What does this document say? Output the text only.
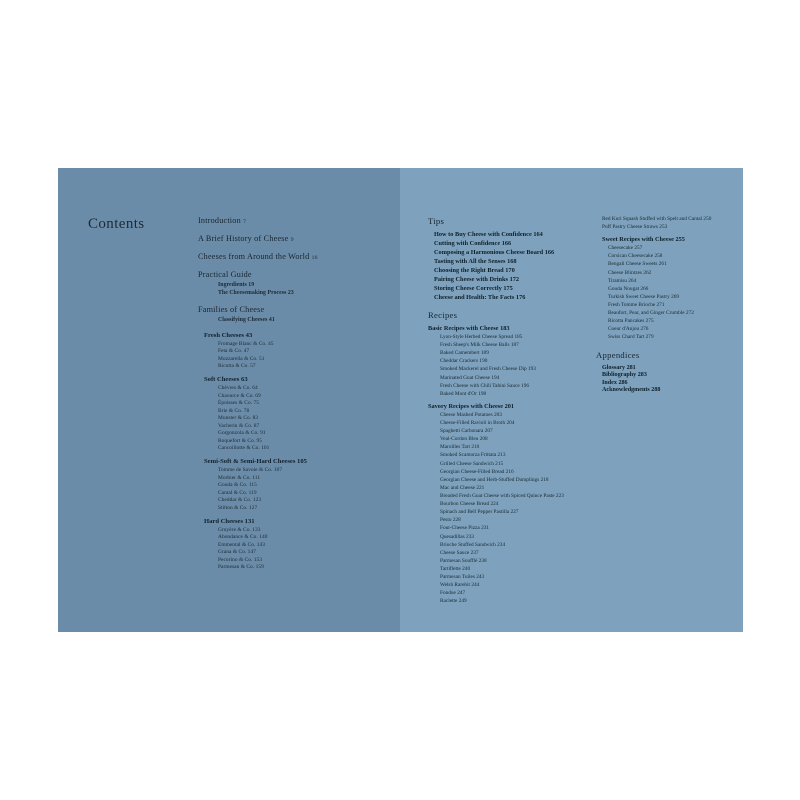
Contents	Introduction 7
A Brief History of Cheese 9
Cheeses from Around the World 16
Practical Guide
Ingredients 19
The Cheesemaking Process 23
Families of Cheese
Classifying Cheeses 41
Fresh Cheeses 43
Fromage Blanc & Co. 45
Feta & Co. 47
Mozzarella & Co. 51
Ricotta & Co. 57
Soft Cheeses 63
Chèvres & Co. 64
Chaource & Co. 69
Époisses & Co. 75
Brie & Co. 78
Munster & Co. 83
Vacherin & Co. 87
Gorgonzola & Co. 91
Roquefort & Co. 95
Cancoillotte & Co. 101
Semi-Soft & Semi-Hard Cheeses 105
Tomme de Savoie & Co. 107
Morbier & Co. 111
Gouda & Co. 115
Cantal & Co. 119
Cheddar & Co. 123
Stilton & Co. 127
Hard Cheeses 131
Gruyère & Co. 133
Abondance & Co. 140
Emmental & Co. 143
Grana & Co. 147
Pecorino & Co. 153
Parmesan & Co. 159
Tips
How to Buy Cheese with Confidence 164
Cutting with Confidence 166
Composing a Harmonious Cheese Board 166
Tasting with All the Senses 168
Choosing the Right Bread 170
Pairing Cheese with Drinks 172
Storing Cheese Correctly 175
Cheese and Health: The Facts 176
Recipes
Basic Recipes with Cheese 183
Lyon-Style Herbed Cheese Spread 185
Fresh Sheep's Milk Cheese Balls 187
Baked Camembert 189
Cheddar Crackers 190
Smoked Mackerel and Fresh Cheese Dip 193
Marinated Goat Cheese 194
Fresh Cheese with Chili Tahini Sauce 196
Baked Mont d'Or 198
Savory Recipes with Cheese 201
Cheese Mashed Potatoes 203
Cheese-Filled Ravioli in Broth 204
Spaghetti Carbonara 207
Veal-Cordon Bleu 208
Maroilles Tart 210
Smoked Scamorza Frittata 213
Grilled Cheese Sandwich 215
Georgian Cheese-Filled Bread 216
Georgian Cheese and Herb-Stuffed Dumplings 218
Mac and Cheese 221
Breaded Fresh Goat Cheese with Spiced Quince Paste 223
Bourbon Cheese Bread 224
Spinach and Bell Pepper Pastilla 227
Pesto 228
Four-Cheese Pizza 231
Quesadillas 233
Brioche Stuffed Sandwich 234
Cheese Sauce 237
Parmesan Soufflé 238
Tartiflette 240
Parmesan Tuiles 243
Welsh Rarebit 244
Fondue 247
Raclette 249
Red Kuri Squash Stuffed with Spelt and Cantal 250
Puff Pastry Cheese Straws 253
Sweet Recipes with Cheese 255
Cheesecake 257
Corsican Cheesecake 258
Bengali Cheese Sweets 261
Cheese Blintzes 262
Tiramisu 264
Gouda Nougat 266
Turkish Sweet Cheese Pastry 269
Fresh Tomme Brioche 271
Beaufort, Pear, and Ginger Crumble 272
Ricotta Pancakes 275
Coeur d'Anjou 276
Swiss Chard Tart 279
Appendices
Glossary 281
Bibliography 283
Index 286
Acknowledgments 288
